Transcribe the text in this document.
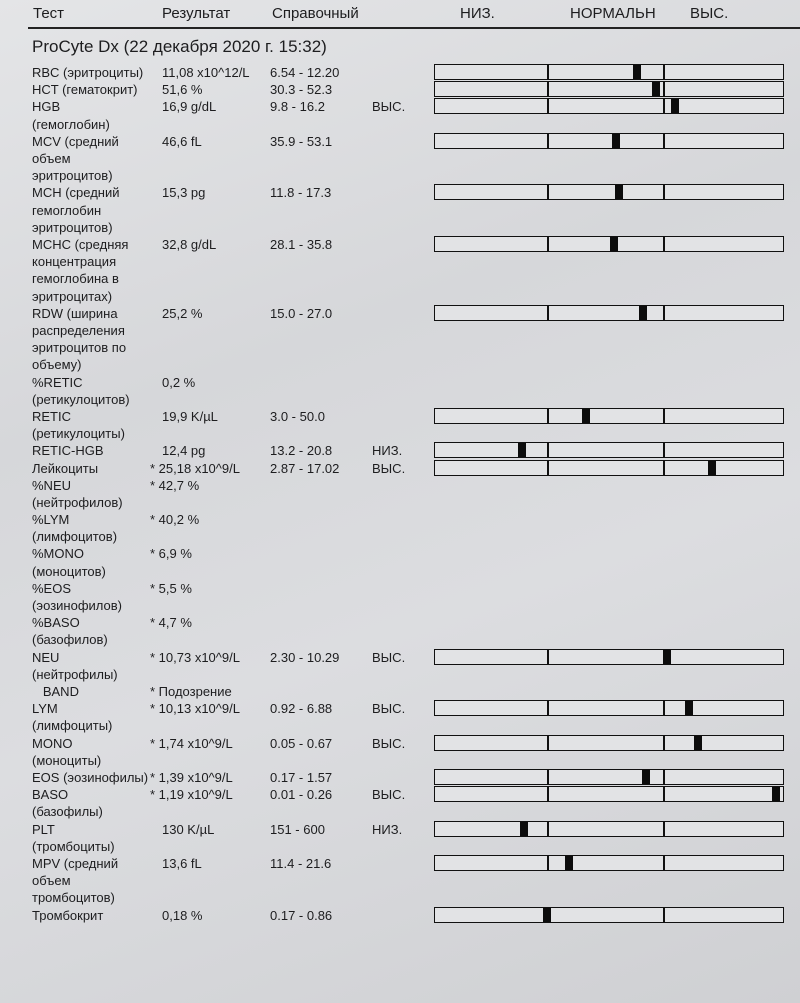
Тест	Результат	Справочный	НИЗ.	НОРМАЛЬН ВЫС.
ProCyte Dx (22 декабря 2020 г. 15:32)
RBC (эритроциты) 11,08 x10^12/L 6.54 - 12.20
HCT (гематокрит) 51,6 %	30.3 - 52.3
HGB
(гемоглобин)
16,9 g/dL	9.8 - 16.2	ВЫС.
MCV (средний
объем
эритроцитов)
46,6 fL	35.9 - 53.1
MCH (средний
гемоглобин
эритроцитов)
15,3 pg	11.8 - 17.3
MCHC (средняя
концентрация
гемоглобина в
эритроцитах)
32,8 g/dL	28.1 - 35.8
RDW (ширина
распределения
эритроцитов по
объему)
25,2 %	15.0 - 27.0
%RETIC
(ретикулоцитов)
0,2 %
RETIC
(ретикулоциты)
19,9 K/µL	3.0 - 50.0
RETIC-HGB	12,4 pg	13.2 - 20.8	НИЗ.
Лейкоциты	* 25,18 x10^9/L 2.87 - 17.02	ВЫС.
%NEU
(нейтрофилов)
* 42,7 %
%LYM
(лимфоцитов)
* 40,2 %
%MONO
(моноцитов)
* 6,9 %
%EOS
(эозинофилов)
* 5,5 %
%BASO
(базофилов)
* 4,7 %
NEU
(нейтрофилы)
* 10,73 x10^9/L 2.30 - 10.29	ВЫС.
BAND	* Подозрение
LYM
(лимфоциты)
* 10,13 x10^9/L 0.92 - 6.88	ВЫС.
MONO
(моноциты)
* 1,74 x10^9/L	0.05 - 0.67	ВЫС.
EOS (эозинофилы) * 1,39 x10^9/L	0.17 - 1.57
BASO
(базофилы)
* 1,19 x10^9/L	0.01 - 0.26	ВЫС.
PLT
(тромбоциты)
130 K/µL	151 - 600	НИЗ.
MPV (средний
объем
тромбоцитов)
13,6 fL	11.4 - 21.6
Тромбокрит	0,18 %	0.17 - 0.86
